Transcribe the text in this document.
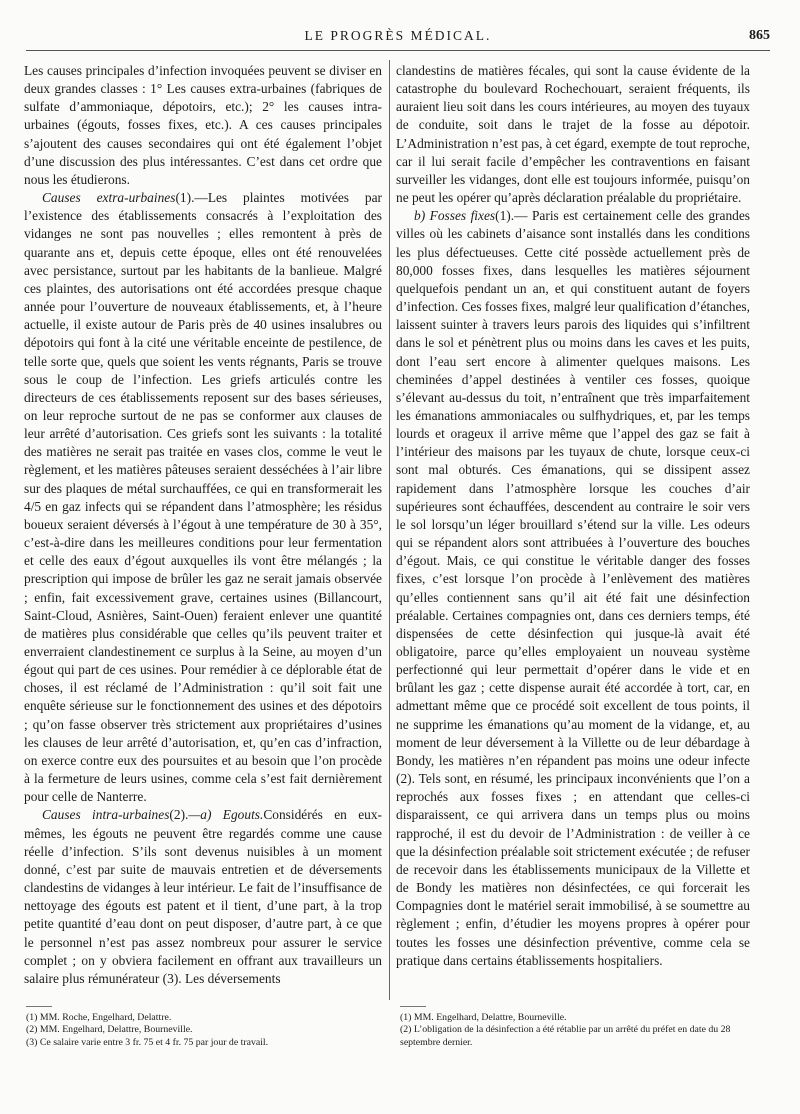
LE PROGRÈS MÉDICAL.	865

Les causes principales d’infection invoquées peuvent se diviser en deux grandes classes : 1° Les causes extra-urbaines (fabriques de sulfate d’ammoniaque, dépotoirs, etc.); 2° les causes intra-urbaines (égouts, fosses fixes, etc.). A ces causes principales s’ajoutent des causes secondaires qui ont été également l’objet d’une discussion des plus intéressantes. C’est dans cet ordre que nous les étudierons.

Causes extra-urbaines(1).—Les plaintes motivées par l’existence des établissements consacrés à l’exploitation des vidanges ne sont pas nouvelles ; elles remontent à près de quarante ans et, depuis cette époque, elles ont été renouvelées avec persistance, surtout par les habitants de la banlieue. Malgré ces plaintes, des autorisations ont été accordées presque chaque année pour l’ouverture de nouveaux établissements, et, à l’heure actuelle, il existe autour de Paris près de 40 usines insalubres ou dépotoirs qui font à la cité une véritable enceinte de pestilence, de telle sorte que, quels que soient les vents régnants, Paris se trouve sous le coup de l’infection. Les griefs articulés contre les directeurs de ces établissements reposent sur des bases sérieuses, on leur reproche surtout de ne pas se conformer aux clauses de leur arrêté d’autorisation. Ces griefs sont les suivants : la totalité des matières ne serait pas traitée en vases clos, comme le veut le règlement, et les matières pâteuses seraient desséchées à l’air libre sur des plaques de métal surchauffées, ce qui en transformerait les 4/5 en gaz infects qui se répandent dans l’atmosphère; les résidus boueux seraient déversés à l’égout à une température de 30 à 35°, c’est-à-dire dans les meilleures conditions pour leur fermentation et celle des eaux d’égout auxquelles ils vont être mélangés ; la prescription qui impose de brûler les gaz ne serait jamais observée ; enfin, fait excessivement grave, certaines usines (Billancourt, Saint-Cloud, Asnières, Saint-Ouen) feraient enlever une quantité de matières plus considérable que celles qu’ils peuvent traiter et enverraient clandestinement ce surplus à la Seine, au moyen d’un égout qui part de ces usines. Pour remédier à ce déplorable état de choses, il est réclamé de l’Administration : qu’il soit fait une enquête sérieuse sur le fonctionnement des usines et des dépotoirs ; qu’on fasse observer très strictement aux propriétaires d’usines les clauses de leur arrêté d’autorisation, et, qu’en cas d’infraction, on exerce contre eux des poursuites et au besoin que l’on procède à la fermeture de leurs usines, comme cela s’est fait dernièrement pour celle de Nanterre.

Causes intra-urbaines(2).—a) Egouts.Considérés en eux-mêmes, les égouts ne peuvent être regardés comme une cause réelle d’infection. S’ils sont devenus nuisibles à un moment donné, c’est par suite de mauvais entretien et de déversements clandestins de vidanges à leur intérieur. Le fait de l’insuffisance de nettoyage des égouts est patent et il tient, d’une part, à la trop petite quantité d’eau dont on peut disposer, d’autre part, à ce que le personnel n’est pas assez nombreux pour assurer le service complet ; on y obviera facilement en offrant aux travailleurs un salaire plus rémunérateur (3). Les déversements

clandestins de matières fécales, qui sont la cause évidente de la catastrophe du boulevard Rochechouart, seraient fréquents, ils auraient lieu soit dans les cours intérieures, au moyen des tuyaux de conduite, soit dans le trajet de la fosse au dépotoir. L’Administration n’est pas, à cet égard, exempte de tout reproche, car il lui serait facile d’empêcher les contraventions en faisant surveiller les vidanges, dont elle est toujours informée, puisqu’on ne peut les opérer qu’après déclaration préalable du propriétaire.

b) Fosses fixes(1).— Paris est certainement celle des grandes villes où les cabinets d’aisance sont installés dans les conditions les plus défectueuses. Cette cité possède actuellement près de 80,000 fosses fixes, dans lesquelles les matières séjournent quelquefois pendant un an, et qui constituent autant de foyers d’infection. Ces fosses fixes, malgré leur qualification d’étanches, laissent suinter à travers leurs parois des liquides qui s’infiltrent dans le sol et pénètrent plus ou moins dans les caves et les puits, dont l’eau sert encore à alimenter quelques maisons. Les cheminées d’appel destinées à ventiler ces fosses, quoique s’élevant au-dessus du toit, n’entraînent que très imparfaitement les émanations ammoniacales ou sulfhydriques, et, par les temps lourds et orageux il arrive même que l’appel des gaz se fait à l’intérieur des maisons par les tuyaux de chute, lorsque ceux-ci sont mal obturés. Ces émanations, qui se dissipent assez rapidement dans l’atmosphère lorsque les couches d’air supérieures sont échauffées, descendent au contraire le soir vers le sol lorsqu’un léger brouillard s’étend sur la ville. Les odeurs qui se répandent alors sont attribuées à l’ouverture des bouches d’égout. Mais, ce qui constitue le véritable danger des fosses fixes, c’est lorsque l’on procède à l’enlèvement des matières qu’elles contiennent sans qu’il ait été fait une désinfection préalable. Certaines compagnies ont, dans ces derniers temps, été dispensées de cette désinfection qui jusque-là avait été obligatoire, parce qu’elles employaient un nouveau système perfectionné qui leur permettait d’opérer dans le vide et en brûlant les gaz ; cette dispense aurait été accordée à tort, car, en admettant même que ce procédé soit excellent de tous points, il ne supprime les émanations qu’au moment de la vidange, et, au moment de leur déversement à la Villette ou de leur débardage à Bondy, les matières n’en répandent pas moins une odeur infecte (2). Tels sont, en résumé, les principaux inconvénients que l’on a reprochés aux fosses fixes ; en attendant que celles-ci disparaissent, ce qui arrivera dans un temps plus ou moins rapproché, il est du devoir de l’Administration : de veiller à ce que la désinfection préalable soit strictement exécutée ; de refuser de recevoir dans les établissements municipaux de la Villette et de Bondy les matières non désinfectées, ce qui forcerait les Compagnies dont le matériel serait immobilisé, à se soumettre au règlement ; enfin, d’étudier les moyens propres à opérer pour toutes les fosses une désinfection préventive, comme cela se pratique dans certains établissements hospitaliers.

(1) MM. Roche, Engelhard, Delattre.

(2) MM. Engelhard, Delattre, Bourneville.

(3) Ce salaire varie entre 3 fr. 75 et 4 fr. 75 par jour de travail.

(1) MM. Engelhard, Delattre, Bourneville.

(2) L’obligation de la désinfection a été rétablie par un arrêté du préfet en date du 28 septembre dernier.
